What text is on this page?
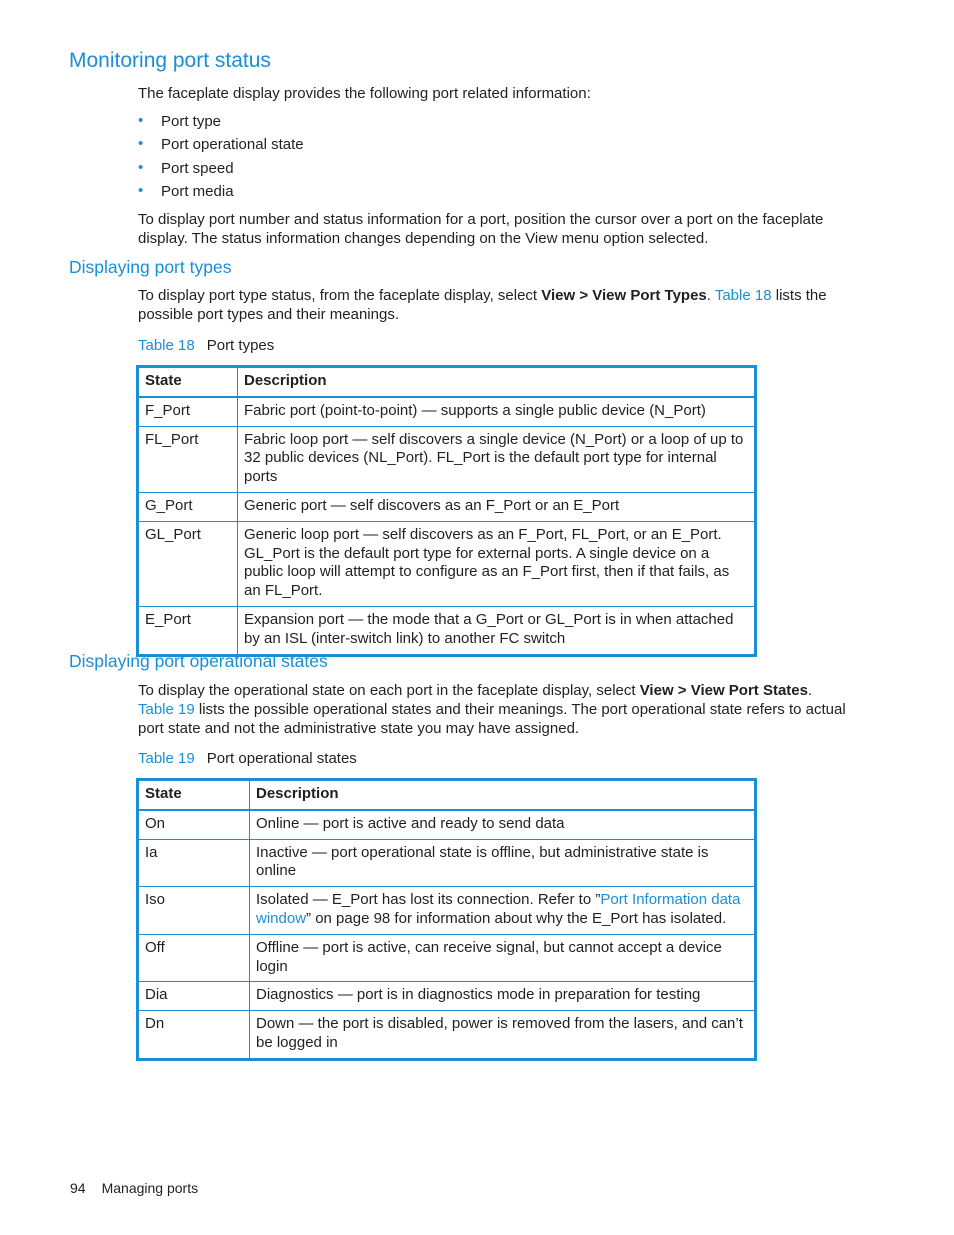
Monitoring port status

The faceplate display provides the following port related information:

• Port type
• Port operational state
• Port speed
• Port media

To display port number and status information for a port, position the cursor over a port on the faceplate display. The status information changes depending on the View menu option selected.

Displaying port types

To display port type status, from the faceplate display, select View > View Port Types. Table 18 lists the possible port types and their meanings.

Table 18 Port types
State	Description
F_Port	Fabric port (point-to-point) — supports a single public device (N_Port)
FL_Port	Fabric loop port — self discovers a single device (N_Port) or a loop of up to 32 public devices (NL_Port). FL_Port is the default port type for internal ports
G_Port	Generic port — self discovers as an F_Port or an E_Port
GL_Port	Generic loop port — self discovers as an F_Port, FL_Port, or an E_Port. GL_Port is the default port type for external ports. A single device on a public loop will attempt to configure as an F_Port first, then if that fails, as an FL_Port.
E_Port	Expansion port — the mode that a G_Port or GL_Port is in when attached by an ISL (inter-switch link) to another FC switch
Displaying port operational states

To display the operational state on each port in the faceplate display, select View > View Port States. Table 19 lists the possible operational states and their meanings. The port operational state refers to actual port state and not the administrative state you may have assigned.

Table 19 Port operational states
State	Description
On	Online — port is active and ready to send data
Ia	Inactive — port operational state is offline, but administrative state is online
Iso	Isolated — E_Port has lost its connection. Refer to ”Port Information data window” on page 98 for information about why the E_Port has isolated.
Off	Offline — port is active, can receive signal, but cannot accept a device login
Dia	Diagnostics — port is in diagnostics mode in preparation for testing
Dn	Down — the port is disabled, power is removed from the lasers, and can’t be logged in
94 Managing ports
